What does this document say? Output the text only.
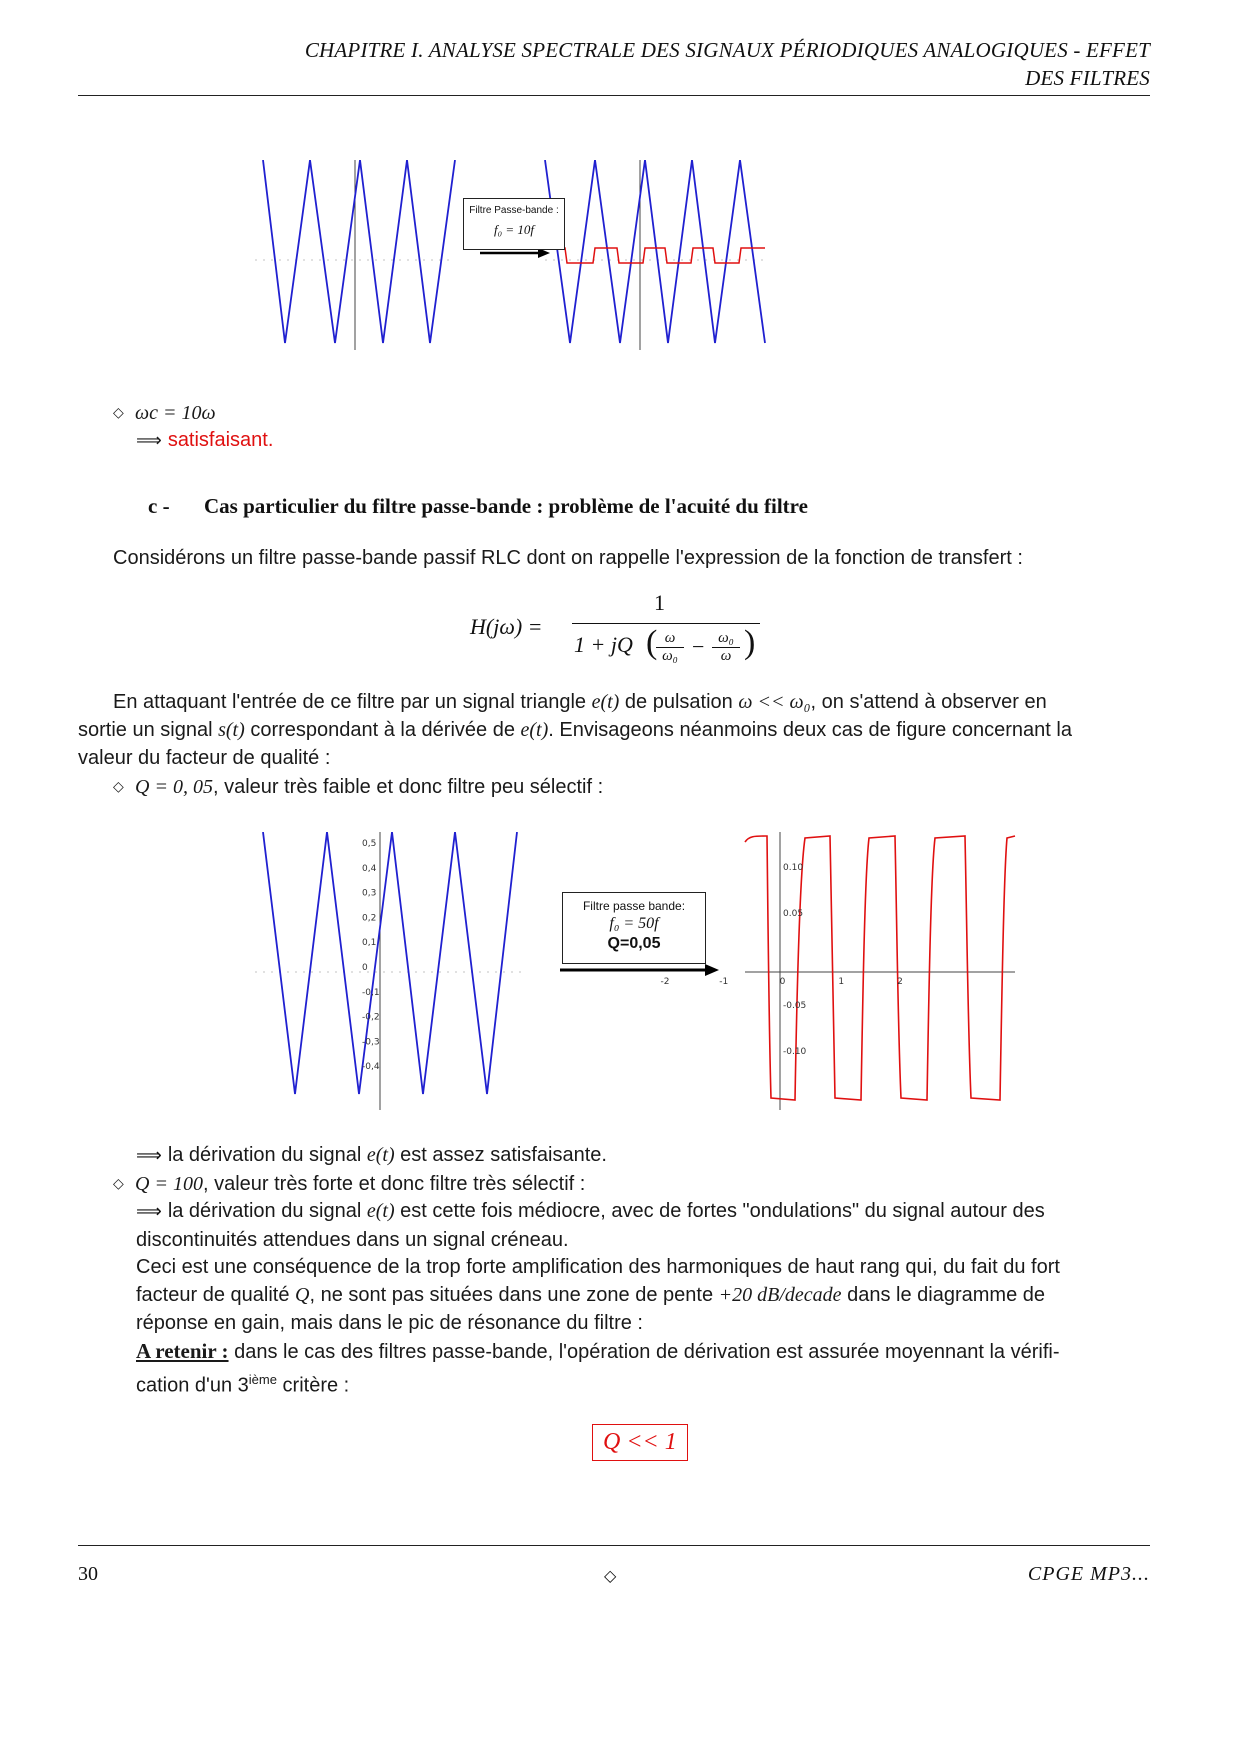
CHAPITRE I. ANALYSE SPECTRALE DES SIGNAUX PÉRIODIQUES ANALOGIQUES - EFFET
DES FILTRES
Filtre Passe-bande :
f₀ = 10f
◇ ωc = 10ω
⟹ satisfaisant.
c - Cas particulier du filtre passe-bande : problème de l'acuité du filtre
Considérons un filtre passe-bande passif RLC dont on rappelle l'expression de la fonction de transfert :
H(jω) =
1
1 + jQ ( ω
ω₀ − ω₀
ω )
En attaquant l'entrée de ce filtre par un signal triangle e(t) de pulsation ω << ω₀, on s'attend à observer en
sortie un signal s(t) correspondant à la dérivée de e(t). Envisageons néanmoins deux cas de figure concernant la
valeur du facteur de qualité :
◇ Q = 0, 05, valeur très faible et donc filtre peu sélectif :
0,5
0,4
0,3
0,2
0,1
0
-0,1
-0,2
-0,3
-0,4
0.10
0.05
-0.05
-0.10
-2	-1	0	1	2
Filtre passe bande:
f₀ = 50f
Q=0,05
⟹ la dérivation du signal e(t) est assez satisfaisante.
◇ Q = 100, valeur très forte et donc filtre très sélectif :
⟹ la dérivation du signal e(t) est cette fois médiocre, avec de fortes "ondulations" du signal autour des
discontinuités attendues dans un signal créneau.
Ceci est une conséquence de la trop forte amplification des harmoniques de haut rang qui, du fait du fort
facteur de qualité Q, ne sont pas situées dans une zone de pente +20 dB/decade dans le diagramme de
réponse en gain, mais dans le pic de résonance du filtre :
A retenir : dans le cas des filtres passe-bande, l'opération de dérivation est assurée moyennant la vérifi-
cation d'un 3ième critère :
Q << 1
30	◇	CPGE MP3...
